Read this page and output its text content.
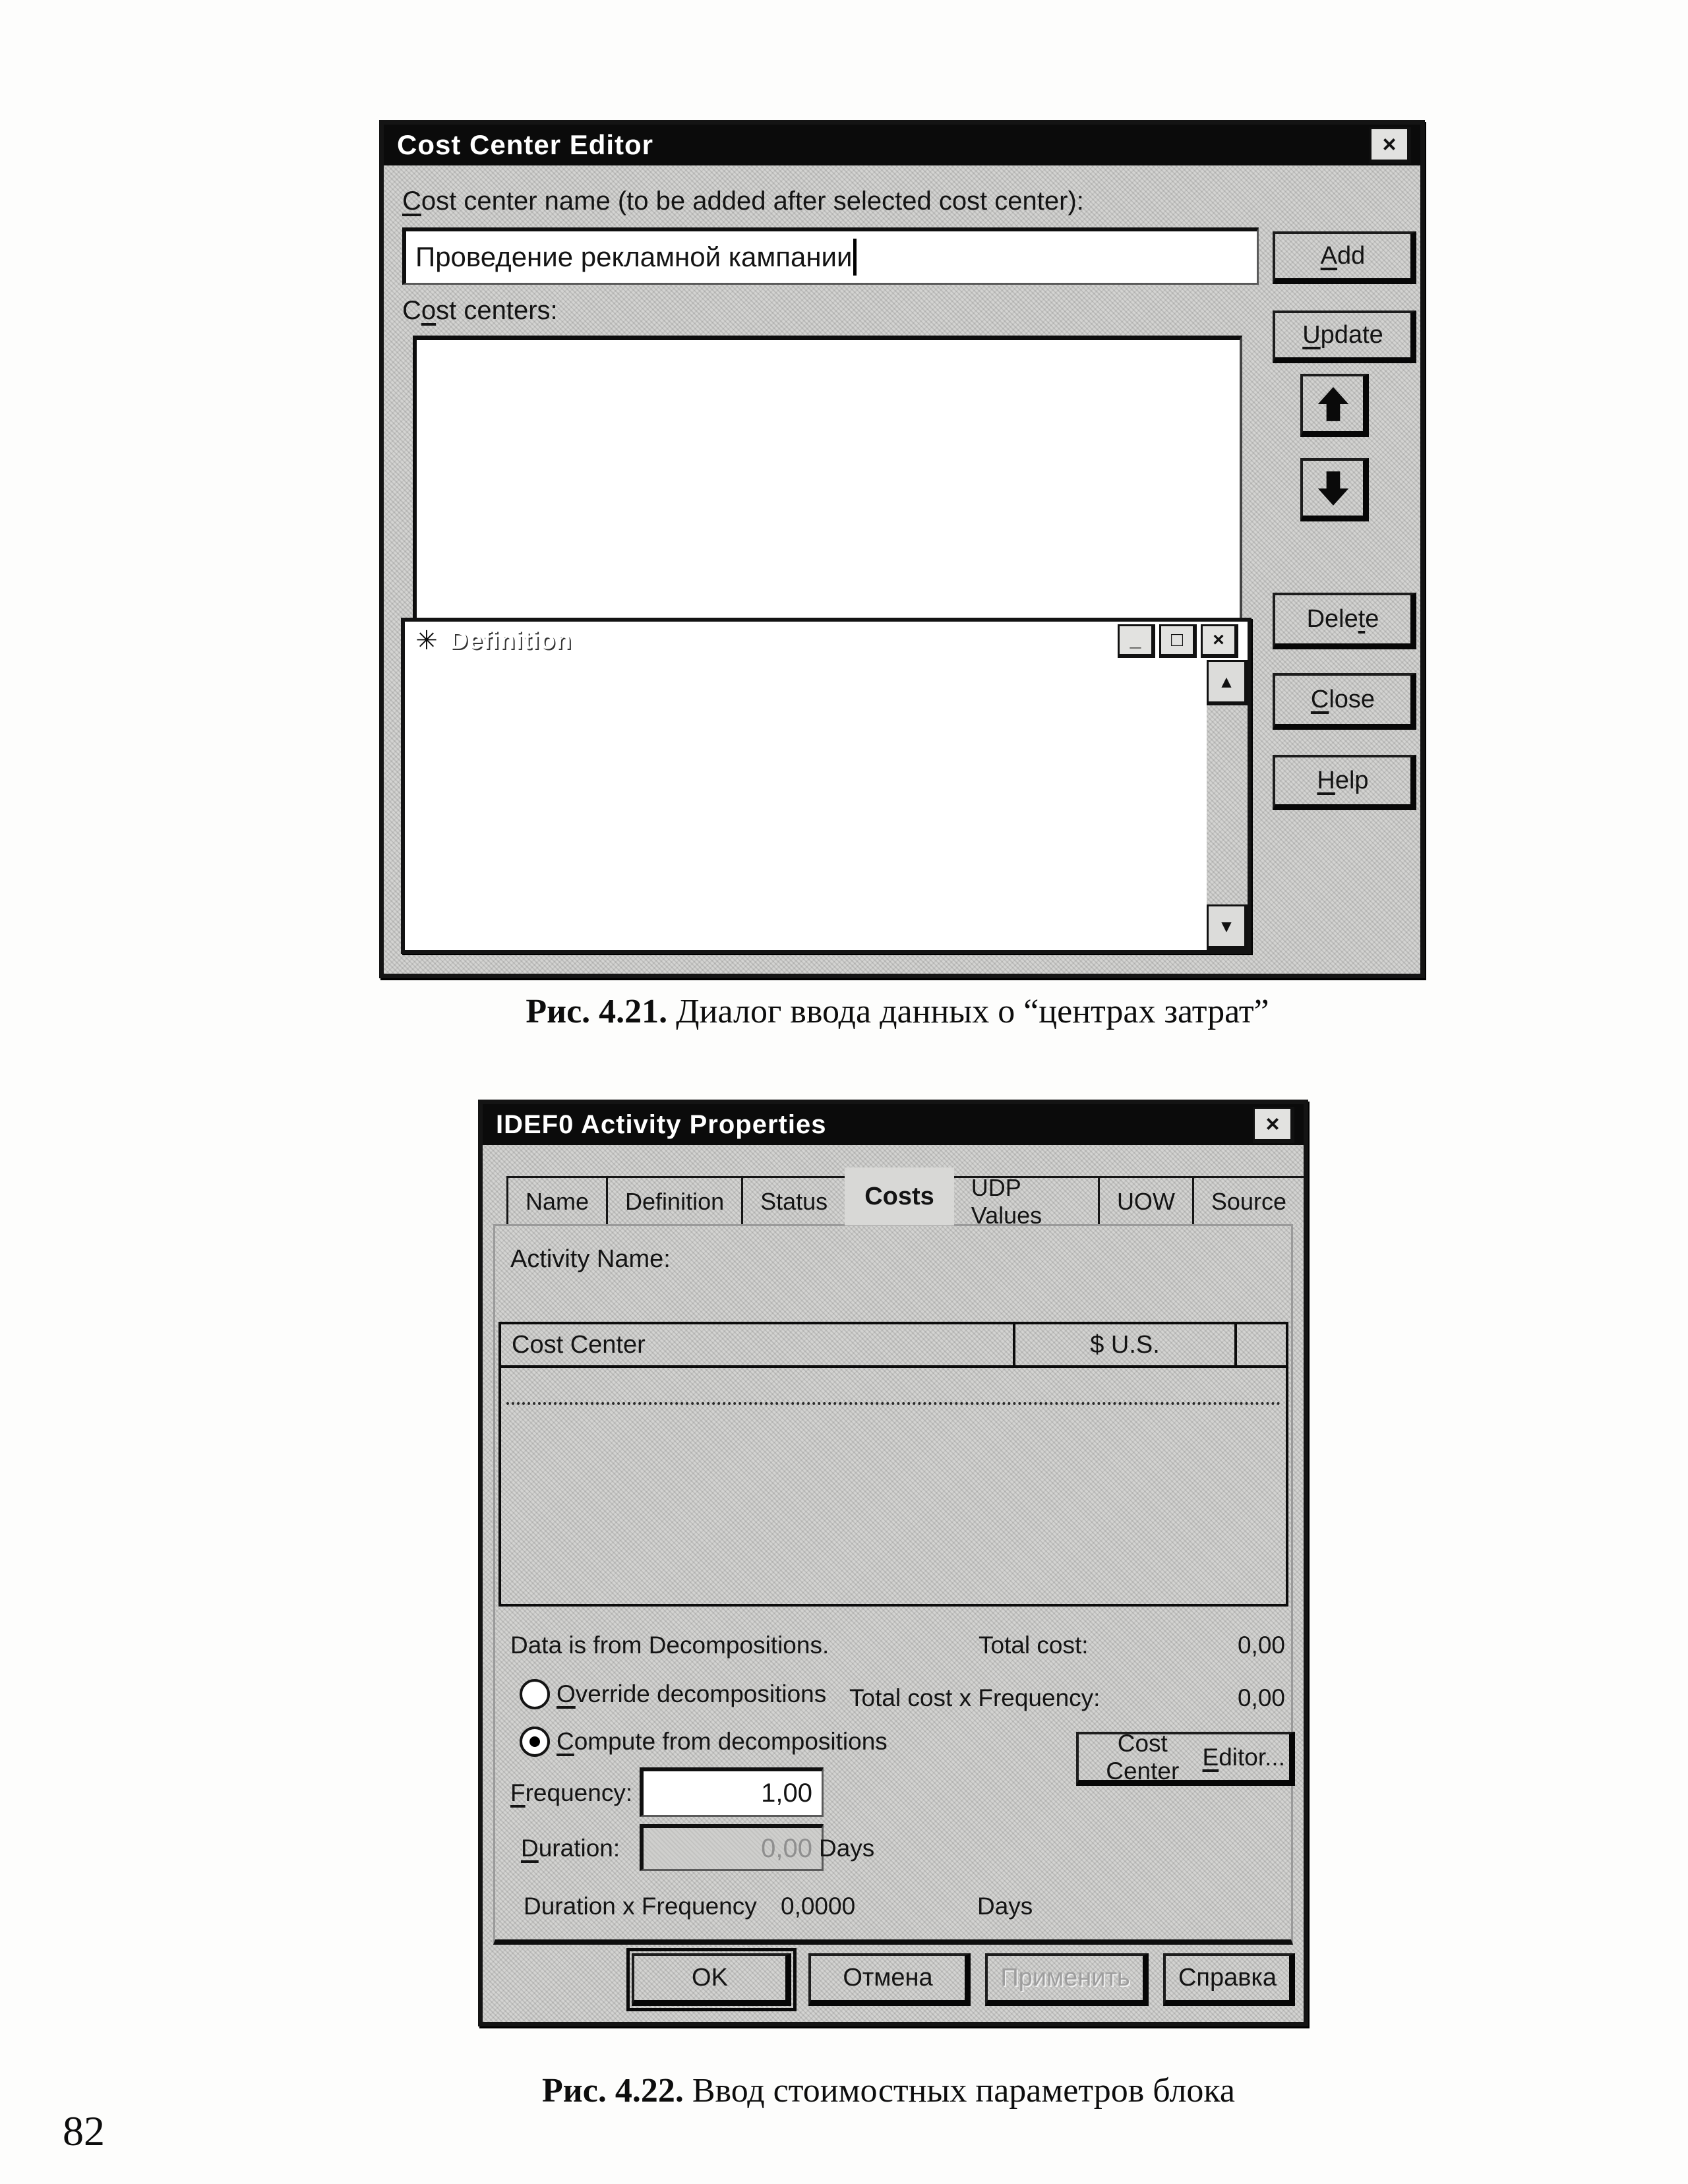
Cost Center Editor	×
Cost center name (to be added after selected cost center):
Проведение рекламной кампании
Cost centers:
A dd
U pdate
Dele t e
C lose
H elp
✳ Definition	_ □ ×
▲
▼
Рис. 4.21. Диалог ввода данных о “центрах затрат”
IDEF0 Activity Properties	×
Name	Definition	Status	Costs	UDP Values
UOW	Source
Activity Name:
Cost Center	$ U.S.
Data is from Decompositions.	Total cost:	0,00
Override decompositions Total cost x Frequency:	0,00
Compute from decompositions	Cost Center
E ditor...
Frequency:	1,00
Duration:	0,00 Days
Duration x Frequency 0,0000	Days
OK	Отмена	Применить	Справка
Рис. 4.22. Ввод стоимостных параметров блока
82
